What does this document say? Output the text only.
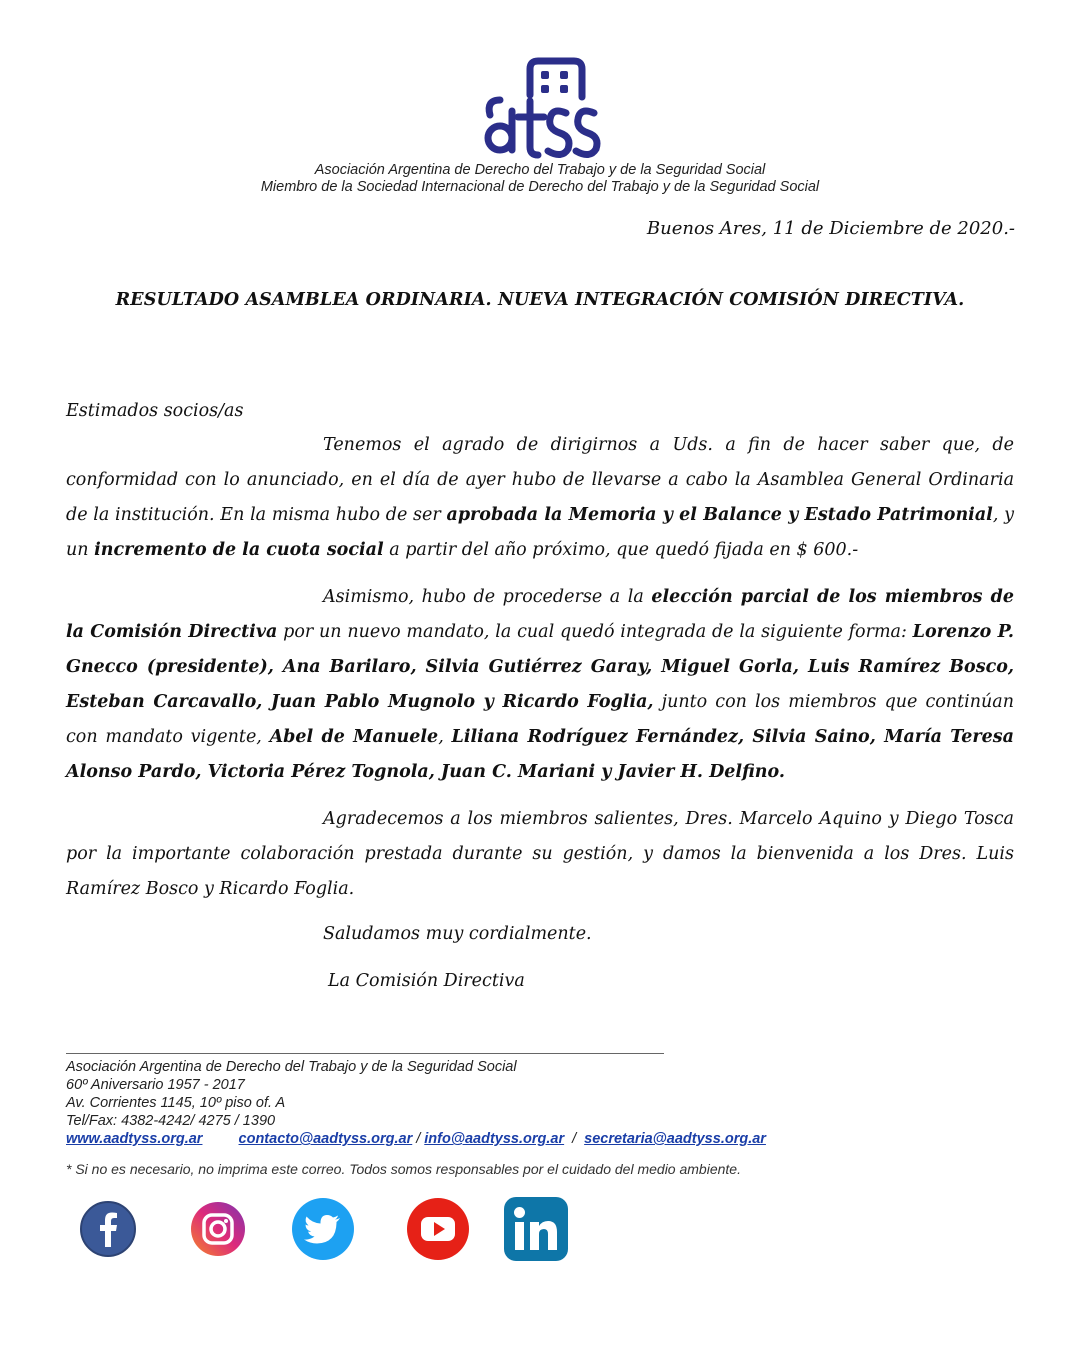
Asociación Argentina de Derecho del Trabajo y de la Seguridad Social
Miembro de la Sociedad Internacional de Derecho del Trabajo y de la Seguridad Social
Buenos Ares, 11 de Diciembre de 2020.-
RESULTADO ASAMBLEA ORDINARIA. NUEVA INTEGRACIÓN COMISIÓN DIRECTIVA.
Estimados socios/as
Tenemos el agrado de dirigirnos a Uds. a fin de hacer saber que, de conformidad con lo anunciado, en el día de ayer hubo de llevarse a cabo la Asamblea General Ordinaria de la institución. En la misma hubo de ser aprobada la Memoria y el Balance y Estado Patrimonial, y un incremento de la cuota social a partir del año próximo, que quedó fijada en $ 600.-
Asimismo, hubo de procederse a la elección parcial de los miembros de la Comisión Directiva por un nuevo mandato, la cual quedó integrada de la siguiente forma: Lorenzo P. Gnecco (presidente), Ana Barilaro, Silvia Gutiérrez Garay, Miguel Gorla, Luis Ramírez Bosco, Esteban Carcavallo, Juan Pablo Mugnolo y Ricardo Foglia, junto con los miembros que continúan con mandato vigente, Abel de Manuele, Liliana Rodríguez Fernández, Silvia Saino, María Teresa Alonso Pardo, Victoria Pérez Tognola, Juan C. Mariani y Javier H. Delfino.
Agradecemos a los miembros salientes, Dres. Marcelo Aquino y Diego Tosca por la importante colaboración prestada durante su gestión, y damos la bienvenida a los Dres. Luis Ramírez Bosco y Ricardo Foglia.
Saludamos muy cordialmente.
La Comisión Directiva
Asociación Argentina de Derecho del Trabajo y de la Seguridad Social
60º Aniversario 1957 - 2017
Av. Corrientes 1145, 10º piso of. A
Tel/Fax: 4382-4242/ 4275 / 1390
www.aadtyss.org.ar contacto@aadtyss.org.ar / info@aadtyss.org.ar / secretaria@aadtyss.org.ar
* Si no es necesario, no imprima este correo. Todos somos responsables por el cuidado del medio ambiente.
